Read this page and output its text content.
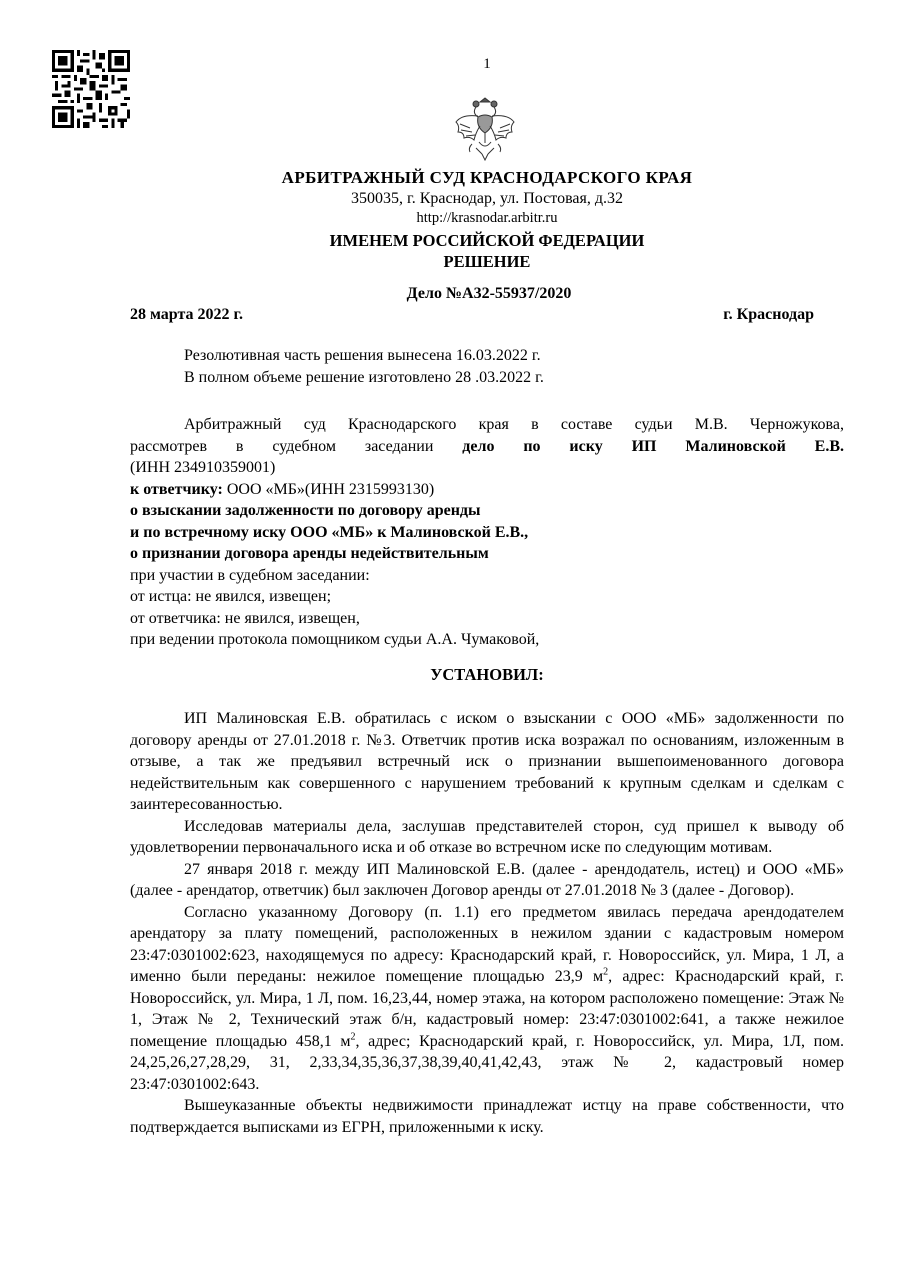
1
АРБИТРАЖНЫЙ СУД КРАСНОДАРСКОГО КРАЯ
350035, г. Краснодар, ул. Постовая, д.32
http://krasnodar.arbitr.ru
ИМЕНЕМ РОССИЙСКОЙ ФЕДЕРАЦИИ
РЕШЕНИЕ
Дело №А32-55937/2020
28 марта 2022 г.	г. Краснодар

Резолютивная часть решения вынесена 16.03.2022 г.

В полном объеме решение изготовлено 28 .03.2022 г.

Арбитражный суд Краснодарского края в составе судьи М.В. Черножукова,

рассмотрев в судебном заседании дело по иску ИП Малиновской Е.В.

(ИНН 234910359001)

к ответчику: ООО «МБ»(ИНН 2315993130)

о взыскании задолженности по договору аренды

и по встречному иску ООО «МБ» к Малиновской Е.В.,

о признании договора аренды недействительным

при участии в судебном заседании:

от истца: не явился, извещен;

от ответчика: не явился, извещен,

при ведении протокола помощником судьи А.А. Чумаковой,

УСТАНОВИЛ:

ИП Малиновская Е.В. обратилась с иском о взыскании с ООО «МБ» задолженности по договору аренды от 27.01.2018 г. №3. Ответчик против иска возражал по основаниям, изложенным в отзыве, а так же предъявил встречный иск о признании вышепоименованного договора недействительным как совершенного с нарушением требований к крупным сделкам и сделкам с заинтересованностью.

Исследовав материалы дела, заслушав представителей сторон, суд пришел к выводу об удовлетворении первоначального иска и об отказе во встречном иске по следующим мотивам.

27 января 2018 г. между ИП Малиновской Е.В. (далее - арендодатель, истец) и ООО «МБ» (далее - арендатор, ответчик) был заключен Договор аренды от 27.01.2018 № 3 (далее - Договор).

Согласно указанному Договору (п. 1.1) его предметом явилась передача арендодателем арендатору за плату помещений, расположенных в нежилом здании с кадастровым номером 23:47:0301002:623, находящемуся по адресу: Краснодарский край, г. Новороссийск, ул. Мира, 1 Л, а именно были переданы: нежилое помещение площадью 23,9 $м^2$, адрес: Краснодарский край, г. Новороссийск, ул. Мира, 1 Л, пом. 16,23,44, номер этажа, на котором расположено помещение: Этаж № 1, Этаж № 2, Технический этаж б/н, кадастровый номер: 23:47:0301002:641, а также нежилое помещение площадью 458,1 $м^2$, адрес; Краснодарский край, г. Новороссийск, ул. Мира, 1Л, пом. 24,25,26,27,28,29, 31, 2,33,34,35,36,37,38,39,40,41,42,43, этаж № 2, кадастровый номер 23:47:0301002:643.

Вышеуказанные объекты недвижимости принадлежат истцу на праве собственности, что подтверждается выписками из ЕГРН, приложенными к иску.
